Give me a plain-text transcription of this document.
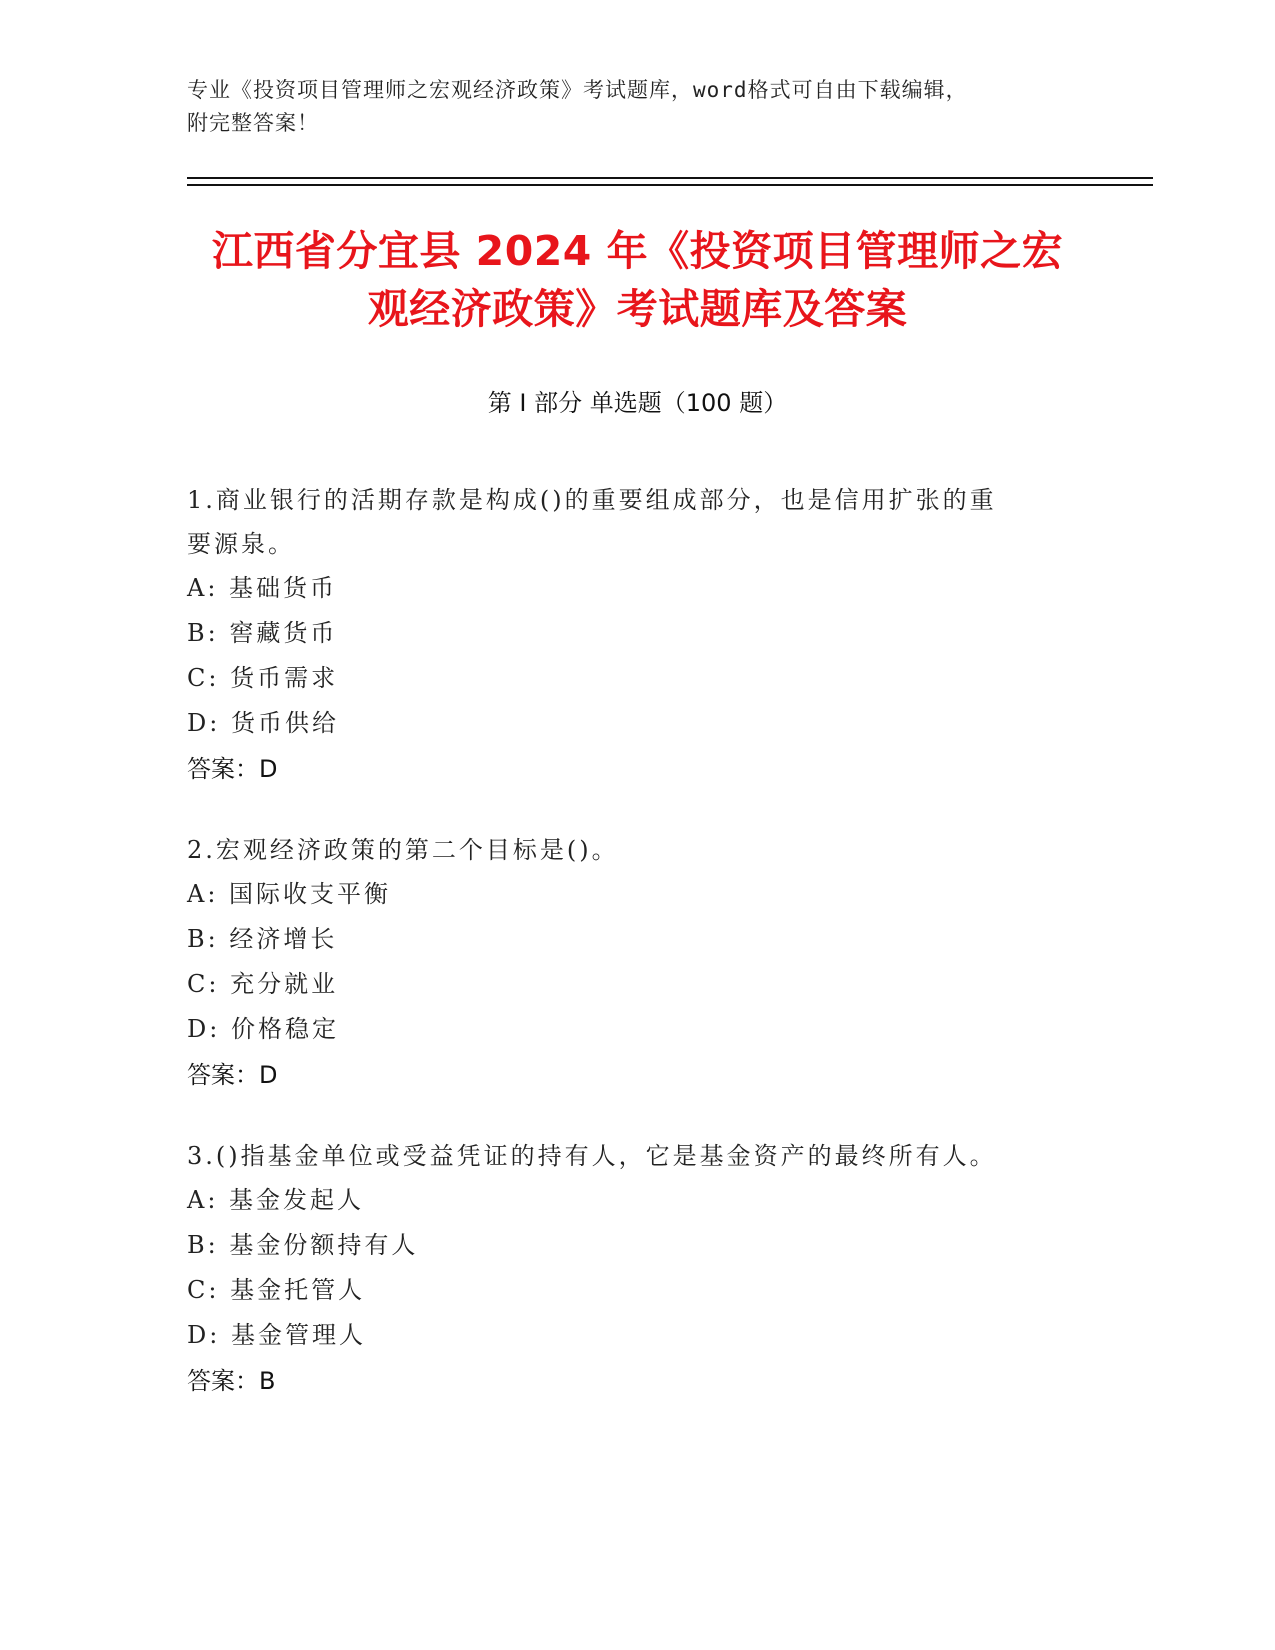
专业《投资项目管理师之宏观经济政策》考试题库，word格式可自由下载编辑，
附完整答案！
江西省分宜县 2024 年《投资项目管理师之宏
观经济政策》考试题库及答案
第 I 部分 单选题（100 题）
1.商业银行的活期存款是构成()的重要组成部分，也是信用扩张的重
要源泉。
A: 基础货币
B: 窖藏货币
C: 货币需求
D: 货币供给
答案：D
2.宏观经济政策的第二个目标是()。
A: 国际收支平衡
B: 经济增长
C: 充分就业
D: 价格稳定
答案：D
3.()指基金单位或受益凭证的持有人，它是基金资产的最终所有人。
A: 基金发起人
B: 基金份额持有人
C: 基金托管人
D: 基金管理人
答案：B
